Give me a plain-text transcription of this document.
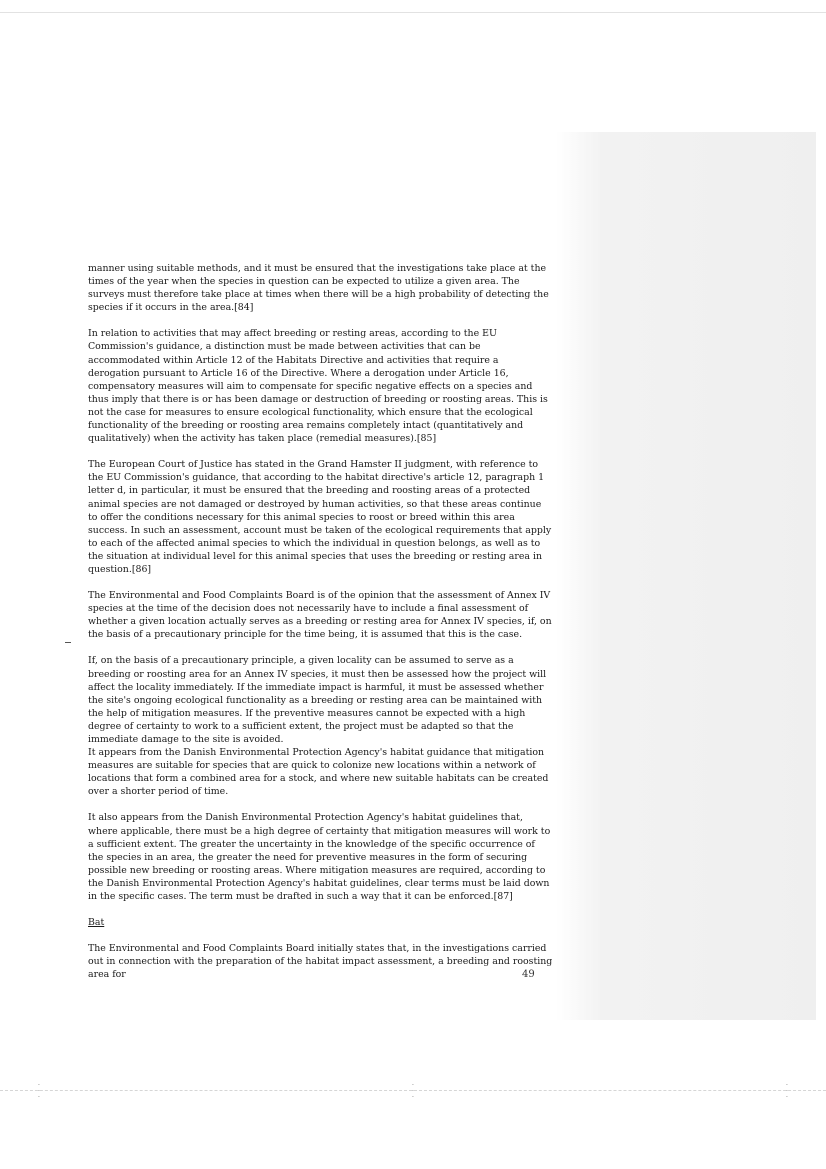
manner using suitable methods, and it must be ensured that the investigations take place at the times of the year when the species in question can be expected to utilize a given area. The surveys must therefore take place at times when there will be a high probability of detecting the species if it occurs in the area.[84]

In relation to activities that may affect breeding or resting areas, according to the EU Commission's guidance, a distinction must be made between activities that can be accommodated within Article 12 of the Habitats Directive and activities that require a derogation pursuant to Article 16 of the Directive. Where a derogation under Article 16, compensatory measures will aim to compensate for specific negative effects on a species and thus imply that there is or has been damage or destruction of breeding or roosting areas. This is not the case for measures to ensure ecological functionality, which ensure that the ecological functionality of the breeding or roosting area remains completely intact (quantitatively and qualitatively) when the activity has taken place (remedial measures).[85]

The European Court of Justice has stated in the Grand Hamster II judgment, with reference to the EU Commission's guidance, that according to the habitat directive's article 12, paragraph 1 letter d, in particular, it must be ensured that the breeding and roosting areas of a protected animal species are not damaged or destroyed by human activities, so that these areas continue to offer the conditions necessary for this animal species to roost or breed within this area success. In such an assessment, account must be taken of the ecological requirements that apply to each of the affected animal species to which the individual in question belongs, as well as to the situation at individual level for this animal species that uses the breeding or resting area in question.[86]

The Environmental and Food Complaints Board is of the opinion that the assessment of Annex IV species at the time of the decision does not necessarily have to include a final assessment of whether a given location actually serves as a breeding or resting area for Annex IV species, if, on the basis of a precautionary principle for the time being, it is assumed that this is the case.

If, on the basis of a precautionary principle, a given locality can be assumed to serve as a breeding or roosting area for an Annex IV species, it must then be assessed how the project will affect the locality immediately. If the immediate impact is harmful, it must be assessed whether the site's ongoing ecological functionality as a breeding or resting area can be maintained with the help of mitigation measures. If the preventive measures cannot be expected with a high degree of certainty to work to a sufficient extent, the project must be adapted so that the immediate damage to the site is avoided.

It appears from the Danish Environmental Protection Agency's habitat guidance that mitigation measures are suitable for species that are quick to colonize new locations within a network of locations that form a combined area for a stock, and where new suitable habitats can be created over a shorter period of time.

It also appears from the Danish Environmental Protection Agency's habitat guidelines that, where applicable, there must be a high degree of certainty that mitigation measures will work to a sufficient extent. The greater the uncertainty in the knowledge of the specific occurrence of the species in an area, the greater the need for preventive measures in the form of securing possible new breeding or roosting areas. Where mitigation measures are required, according to the Danish Environmental Protection Agency's habitat guidelines, clear terms must be laid down in the specific cases. The term must be drafted in such a way that it can be enforced.[87]

Bat

The Environmental and Food Complaints Board initially states that, in the investigations carried out in connection with the preparation of the habitat impact assessment, a breeding and roosting area for	49
·
·
·
·
·
·
·
·
·
